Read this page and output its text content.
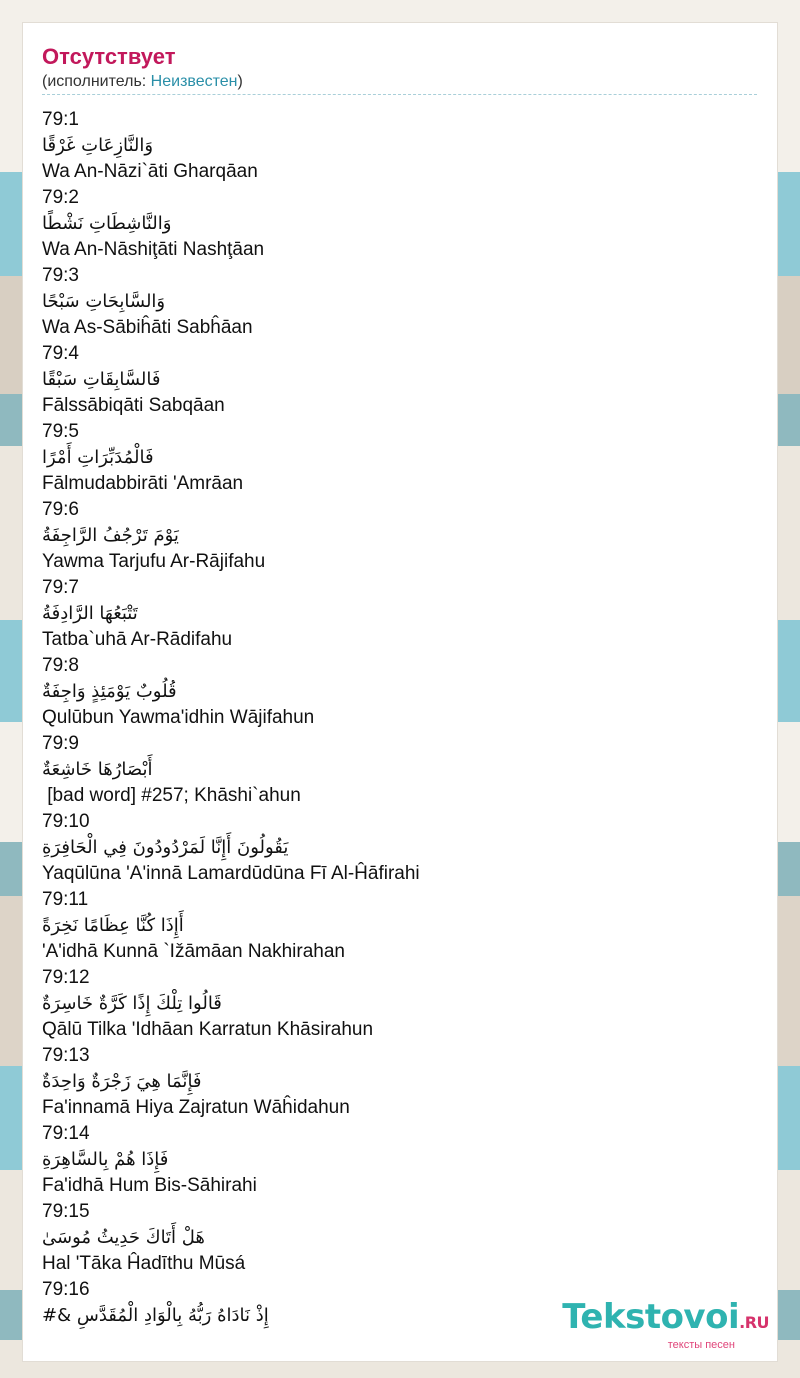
Отсутствует
(исполнитель: Неизвестен)
79:1
وَالنَّازِعَاتِ غَرْقًا
Wa An-Nāzi`āti Gharqāan
79:2
وَالنَّاشِطَاتِ نَشْطًا
Wa An-Nāshiţāti Nashţāan
79:3
وَالسَّابِحَاتِ سَبْحًا
Wa As-Sābiĥāti Sabĥāan
79:4
فَالسَّابِقَاتِ سَبْقًا
Fālssābiqāti Sabqāan
79:5
فَالْمُدَبِّرَاتِ أَمْرًا
Fālmudabbirāti 'Amrāan
79:6
يَوْمَ تَرْجُفُ الرَّاجِفَةُ
Yawma Tarjufu Ar-Rājifahu
79:7
تَتْبَعُهَا الرَّادِفَةُ
Tatba`uhā Ar-Rādifahu
79:8
قُلُوبٌ يَوْمَئِذٍ وَاجِفَةٌ
Qulūbun Yawma'idhin Wājifahun
79:9
أَبْصَارُهَا خَاشِعَةٌ
[bad word] #257; Khāshi`ahun
79:10
يَقُولُونَ أَإِنَّا لَمَرْدُودُونَ فِي الْحَافِرَةِ
Yaqūlūna 'A'innā Lamardūdūna Fī Al-Ĥāfirahi
79:11
أَإِذَا كُنَّا عِظَامًا نَخِرَةً
'A'idhā Kunnā `Ižāmāan Nakhirahan
79:12
قَالُوا تِلْكَ إِذًا كَرَّةٌ خَاسِرَةٌ
Qālū Tilka 'Idhāan Karratun Khāsirahun
79:13
فَإِنَّمَا هِيَ زَجْرَةٌ وَاحِدَةٌ
Fa'innamā Hiya Zajratun Wāĥidahun
79:14
فَإِذَا هُمْ بِالسَّاهِرَةِ
Fa'idhā Hum Bis-Sāhirahi
79:15
هَلْ أَتَاكَ حَدِيثُ مُوسَىٰ
Hal 'Tāka Ĥadīthu Mūsá
79:16
إِذْ نَادَاهُ رَبُّهُ بِالْوَادِ الْمُقَدَّسِ &#	Tekstovoi.RU
тексты песен
